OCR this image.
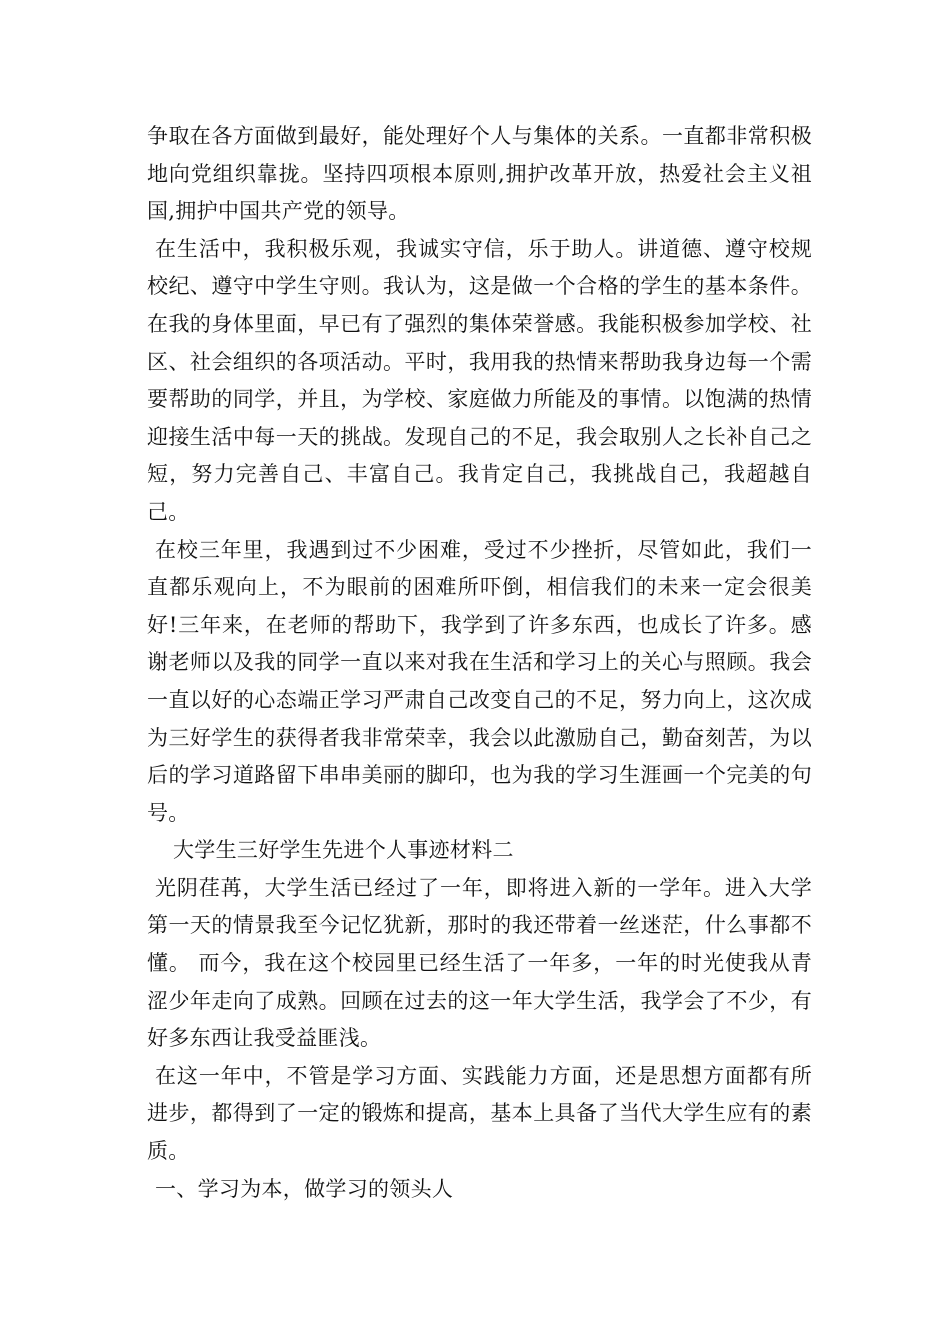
争取在各方面做到最好，能处理好个人与集体的关系。一直都非常积极地向党组织靠拢。坚持四项根本原则,拥护改革开放，热爱社会主义祖国,拥护中国共产党的领导。

在生活中，我积极乐观，我诚实守信，乐于助人。讲道德、遵守校规校纪、遵守中学生守则。我认为，这是做一个合格的学生的基本条件。在我的身体里面，早已有了强烈的集体荣誉感。我能积极参加学校、社区、社会组织的各项活动。平时，我用我的热情来帮助我身边每一个需要帮助的同学，并且，为学校、家庭做力所能及的事情。以饱满的热情迎接生活中每一天的挑战。发现自己的不足，我会取别人之长补自己之短，努力完善自己、丰富自己。我肯定自己，我挑战自己，我超越自己。

在校三年里，我遇到过不少困难，受过不少挫折，尽管如此，我们一直都乐观向上，不为眼前的困难所吓倒，相信我们的未来一定会很美好!三年来，在老师的帮助下，我学到了许多东西，也成长了许多。感谢老师以及我的同学一直以来对我在生活和学习上的关心与照顾。我会一直以好的心态端正学习严肃自己改变自己的不足，努力向上，这次成为三好学生的获得者我非常荣幸，我会以此激励自己，勤奋刻苦，为以后的学习道路留下串串美丽的脚印，也为我的学习生涯画一个完美的句号。

大学生三好学生先进个人事迹材料二

光阴荏苒，大学生活已经过了一年，即将进入新的一学年。进入大学第一天的情景我至今记忆犹新，那时的我还带着一丝迷茫，什么事都不懂。 而今，我在这个校园里已经生活了一年多，一年的时光使我从青涩少年走向了成熟。回顾在过去的这一年大学生活，我学会了不少，有好多东西让我受益匪浅。

在这一年中，不管是学习方面、实践能力方面，还是思想方面都有所进步，都得到了一定的锻炼和提高，基本上具备了当代大学生应有的素质。

一、学习为本，做学习的领头人
